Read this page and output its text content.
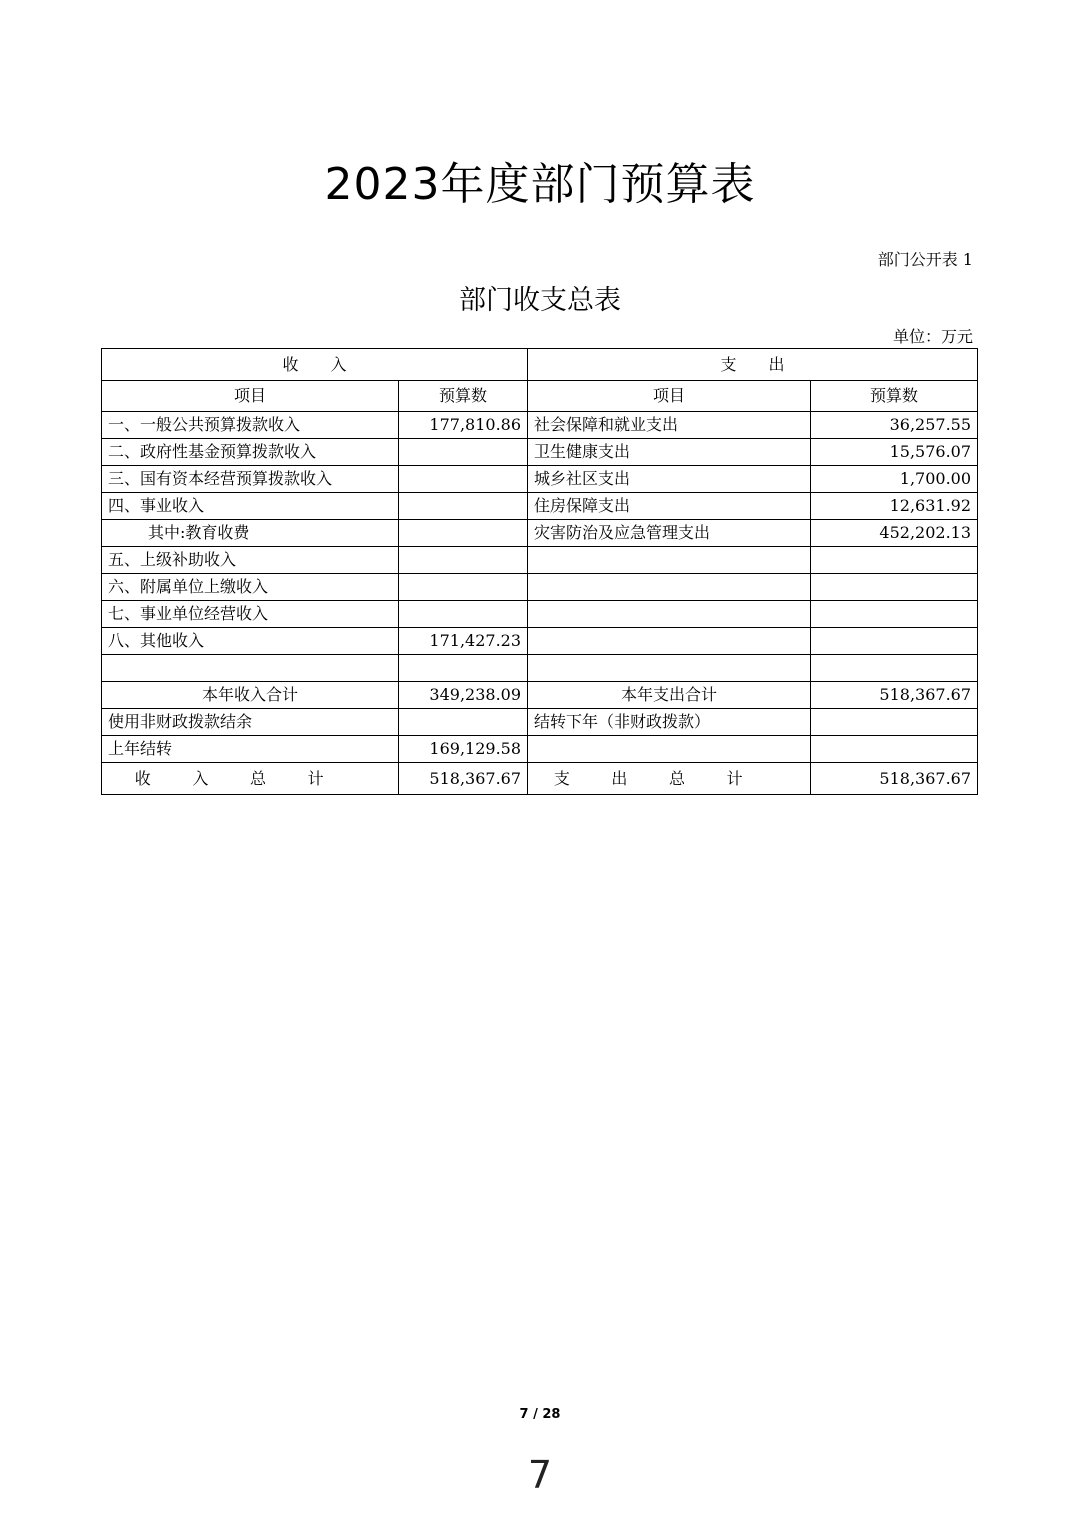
2023年度部门预算表
部门公开表 1
部门收支总表
单位：万元
收　　入		支　　出	
项目	预算数	项目	预算数
一、一般公共预算拨款收入	177,810.86	社会保障和就业支出	36,257.55
二、政府性基金预算拨款收入		卫生健康支出	15,576.07
三、国有资本经营预算拨款收入		城乡社区支出	1,700.00
四、事业收入		住房保障支出	12,631.92
其中:教育收费		灾害防治及应急管理支出	452,202.13
五、上级补助收入			
六、附属单位上缴收入			
七、事业单位经营收入			
八、其他收入	171,427.23		

本年收入合计	349,238.09	本年支出合计	518,367.67
使用非财政拨款结余		结转下年（非财政拨款）	
上年结转	169,129.58		
收入总计	518,367.67	支出总计	518,367.67
7 / 28
7
